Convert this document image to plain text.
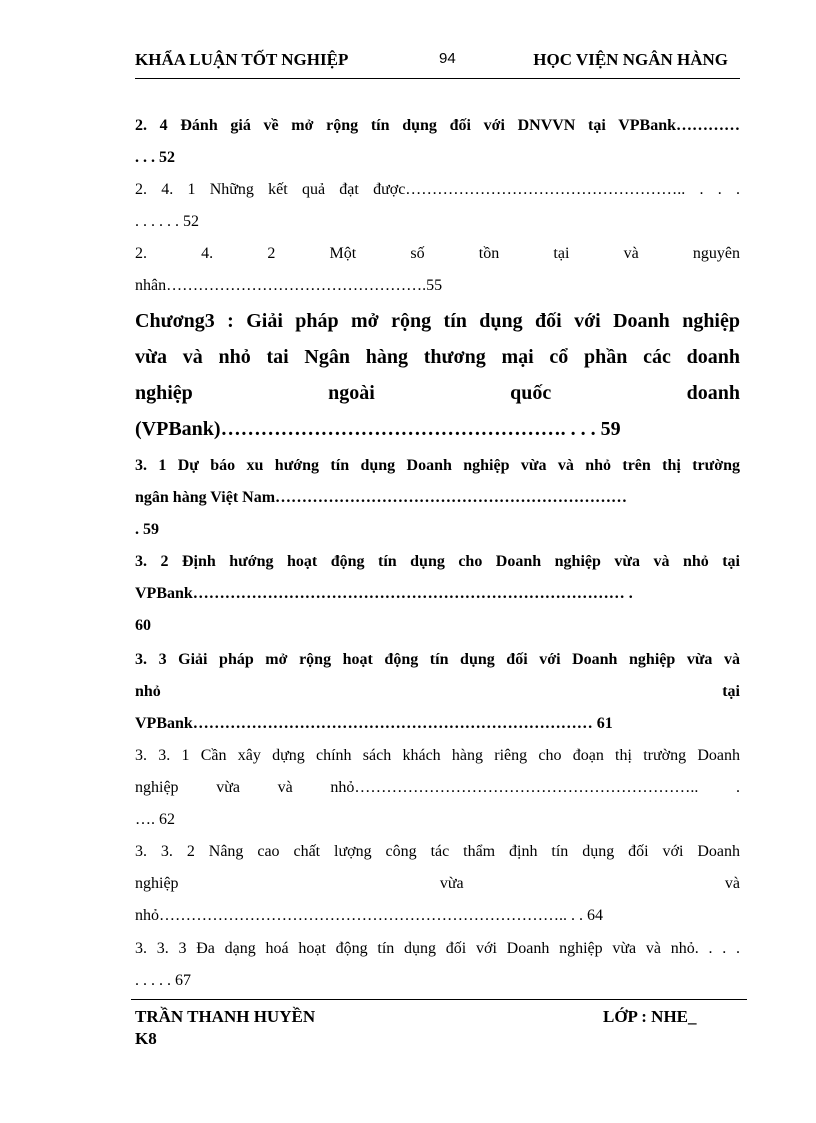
KHẨA LUẬN TỐT NGHIỆP	94	HỌC VIỆN NGÂN HÀNG
2. 4 Đánh giá về mở rộng tín dụng đối với DNVVN tại VPBank…………
. . . 52
2. 4. 1 Những kết quả đạt được…………………………………………….. . . .
. . . . . . 52
2. 4. 2 Một số tồn tại và nguyên
nhân………………………………………….55
Chương3 : Giải pháp mở rộng tín dụng đối với Doanh nghiệp
vừa và nhỏ tai Ngân hàng thương mại cổ phần các doanh
nghiệp ngoài quốc doanh
(VPBank)……………………………………………. . . . 59
3. 1 Dự báo xu hướng tín dụng Doanh nghiệp vừa và nhỏ trên thị trường
ngân hàng Việt Nam…………………………………………………………
. 59
3. 2 Định hướng hoạt động tín dụng cho Doanh nghiệp vừa và nhỏ tại
VPBank……………………………………………………………………… .
60
3. 3 Giải pháp mở rộng hoạt động tín dụng đối với Doanh nghiệp vừa và
nhỏ tại
VPBank………………………………………………………………… 61
3. 3. 1 Cần xây dựng chính sách khách hàng riêng cho đoạn thị trường Doanh
nghiệp vừa và nhỏ……………………………………………………….. .
…. 62
3. 3. 2 Nâng cao chất lượng công tác thẩm định tín dụng đối với Doanh
nghiệp vừa và
nhỏ………………………………………………………………….. . . 64
3. 3. 3 Đa dạng hoá hoạt động tín dụng đối với Doanh nghiệp vừa và nhỏ. . . .
. . . . . 67
TRẦN THANH HUYỀN	LỚP : NHE_
K8
